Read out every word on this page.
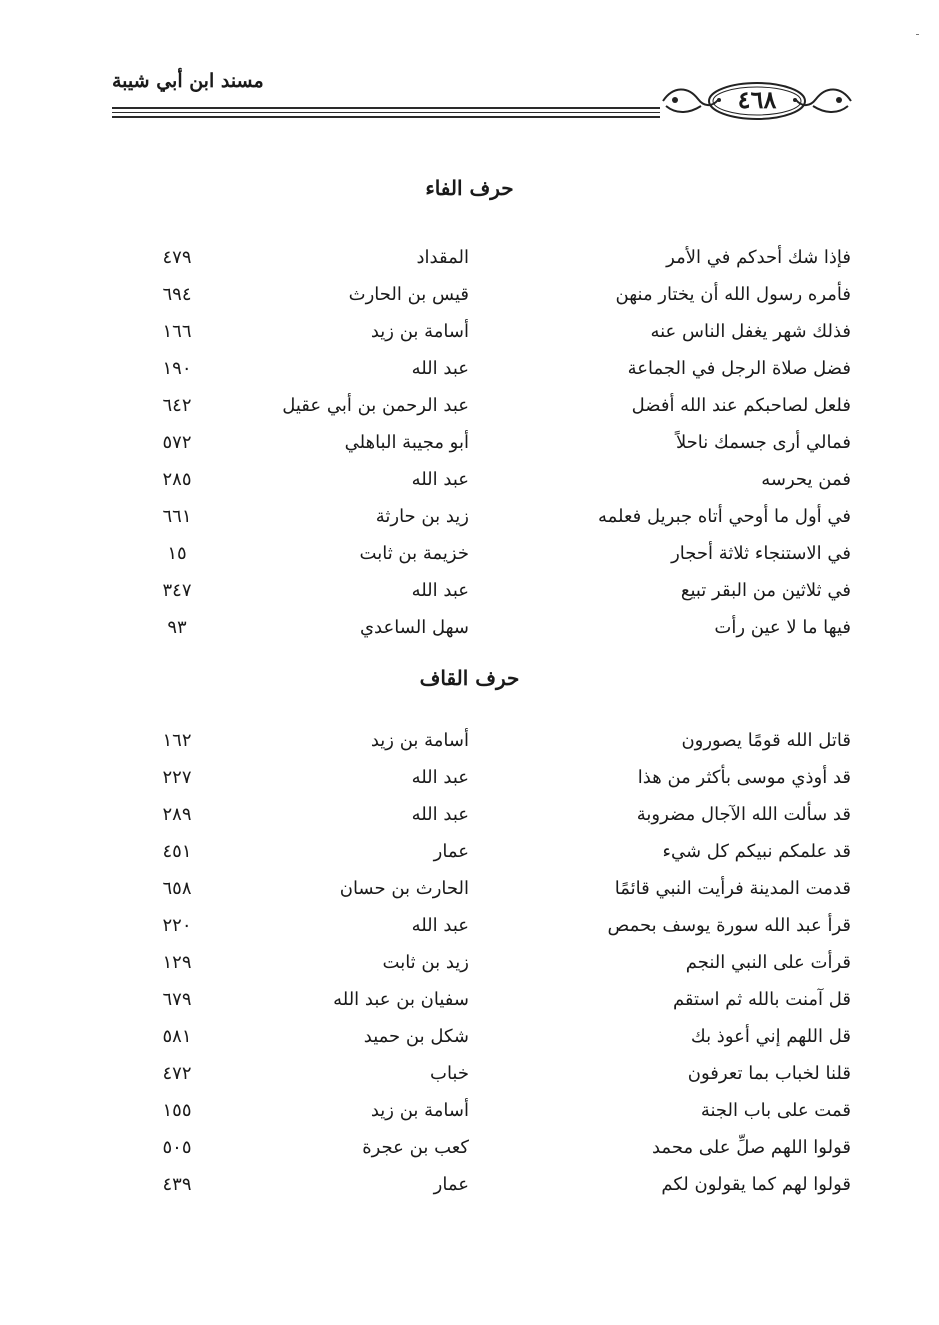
مسند ابن أبي شيبة
٤٦٨
حرف الفاء
فإذا شك أحدكم في الأمر
المقداد
٤٧٩
فأمره رسول الله أن يختار منهن
قيس بن الحارث
٦٩٤
فذلك شهر يغفل الناس عنه
أسامة بن زيد
١٦٦
فضل صلاة الرجل في الجماعة
عبد الله
١٩٠
فلعل لصاحبكم عند الله أفضل
عبد الرحمن بن أبي عقيل
٦٤٢
فمالي أرى جسمك ناحلاً
أبو مجيبة الباهلي
٥٧٢
فمن يحرسه
عبد الله
٢٨٥
في أول ما أوحي أتاه جبريل فعلمه
زيد بن حارثة
٦٦١
في الاستنجاء ثلاثة أحجار
خزيمة بن ثابت
١٥
في ثلاثين من البقر تبيع
عبد الله
٣٤٧
فيها ما لا عين رأت
سهل الساعدي
٩٣
حرف القاف
قاتل الله قومًا يصورون
أسامة بن زيد
١٦٢
قد أوذي موسى بأكثر من هذا
عبد الله
٢٢٧
قد سألت الله الآجال مضروبة
عبد الله
٢٨٩
قد علمكم نبيكم كل شيء
عمار
٤٥١
قدمت المدينة فرأيت النبي قائمًا
الحارث بن حسان
٦٥٨
قرأ عبد الله سورة يوسف بحمص
عبد الله
٢٢٠
قرأت على النبي النجم
زيد بن ثابت
١٢٩
قل آمنت بالله ثم استقم
سفيان بن عبد الله
٦٧٩
قل اللهم إني أعوذ بك
شكل بن حميد
٥٨١
قلنا لخباب بما تعرفون
خباب
٤٧٢
قمت على باب الجنة
أسامة بن زيد
١٥٥
قولوا اللهم صلِّ على محمد
كعب بن عجرة
٥٠٥
قولوا لهم كما يقولون لكم
عمار
٤٣٩
